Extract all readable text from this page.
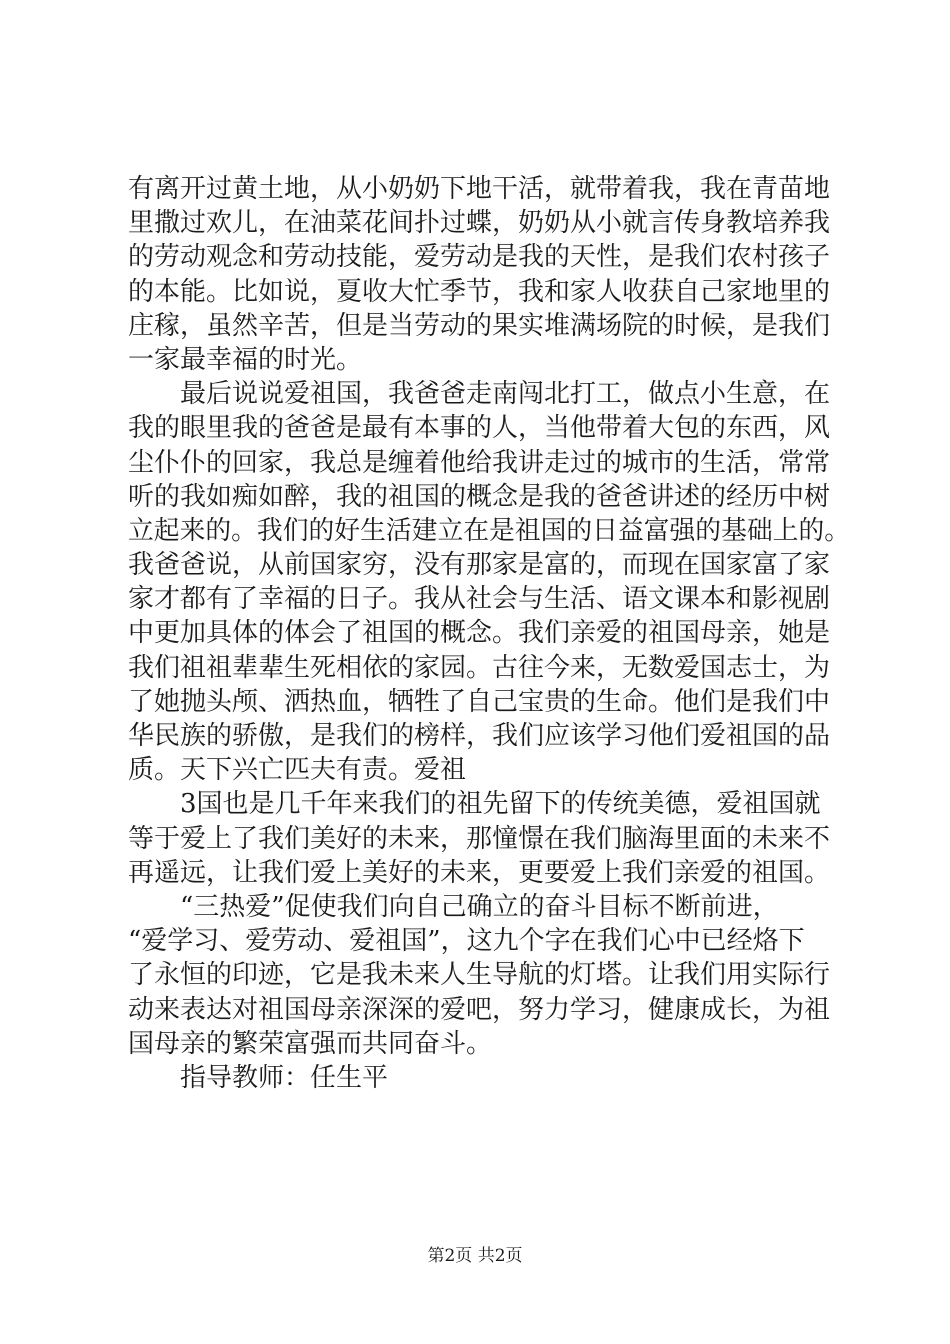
有离开过黄土地，从小奶奶下地干活，就带着我，我在青苗地
里撒过欢儿，在油菜花间扑过蝶，奶奶从小就言传身教培养我
的劳动观念和劳动技能，爱劳动是我的天性，是我们农村孩子
的本能。比如说，夏收大忙季节，我和家人收获自己家地里的
庄稼，虽然辛苦，但是当劳动的果实堆满场院的时候，是我们
一家最幸福的时光。
　　最后说说爱祖国，我爸爸走南闯北打工，做点小生意，在
我的眼里我的爸爸是最有本事的人，当他带着大包的东西，风
尘仆仆的回家，我总是缠着他给我讲走过的城市的生活，常常
听的我如痴如醉，我的祖国的概念是我的爸爸讲述的经历中树
立起来的。我们的好生活建立在是祖国的日益富强的基础上的。
我爸爸说，从前国家穷，没有那家是富的，而现在国家富了家
家才都有了幸福的日子。我从社会与生活、语文课本和影视剧
中更加具体的体会了祖国的概念。我们亲爱的祖国母亲，她是
我们祖祖辈辈生死相依的家园。古往今来，无数爱国志士，为
了她抛头颅、洒热血，牺牲了自己宝贵的生命。他们是我们中
华民族的骄傲，是我们的榜样，我们应该学习他们爱祖国的品
质。天下兴亡匹夫有责。爱祖
　　3国也是几千年来我们的祖先留下的传统美德，爱祖国就
等于爱上了我们美好的未来，那憧憬在我们脑海里面的未来不
再遥远，让我们爱上美好的未来，更要爱上我们亲爱的祖国。
　　“三热爱”促使我们向自己确立的奋斗目标不断前进，
“爱学习、爱劳动、爱祖国”，这九个字在我们心中已经烙下
了永恒的印迹，它是我未来人生导航的灯塔。让我们用实际行
动来表达对祖国母亲深深的爱吧，努力学习，健康成长，为祖
国母亲的繁荣富强而共同奋斗。
　　指导教师：任生平
第2页 共2页
